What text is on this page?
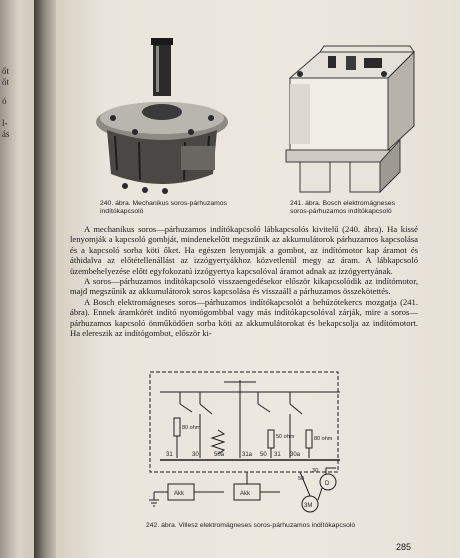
őt
őt
ó
l-
ás
240. ábra. Mechanikus soros-párhuzamos
indítókapcsoló
241. ábra. Bosch elektromágneses
soros-párhuzamos indítókapcsoló

A mechanikus soros—párhuzamos indítókapcsoló lábkapcsolós kivitelű (240. ábra). Ha kissé lenyomják a kapcsoló gombját, mindenekelőtt megszűnik az akkumulátorok párhuzamos kapcsolása és a kapcsoló sorba köti őket. Ha egészen lenyomják a gombot, az indítómotor kap áramot és áthidalva az előtétellenállást az izzógyertyákhoz közvetlenül megy az áram. A lábkapcsoló üzembehelyezése előtt egyfokozatú izzógyertya kapcsolóval áramot adnak az izzógyertyának.

A soros—párhuzamos indítókapcsoló visszaengedésekor először kikapcsolódik az indítómotor, majd megszűnik az akkumulátorok soros kapcsolása és visszaáll a párhuzamos összekötettés.

A Bosch elektromágneses soros—párhuzamos indítókapcsolót a behúzótekercs mozgatja (241. ábra). Ennek áramkörét indító nyomógombbal vagy más indítókapcsolóval zárják, mire a soros—párhuzamos kapcsoló önműködően sorba köti az akkumulátorokat és bekapcsolja az indítómotort. Ha elereszik az indítógombot, először ki-

80 ohm
50 ohm	80 ohm
31	30	50a	31a 50 31 30a
Akk	Akk
D
3M
50
30
242. ábra. Villesz elektromágneses soros-párhuzamos indítókapcsoló
285
